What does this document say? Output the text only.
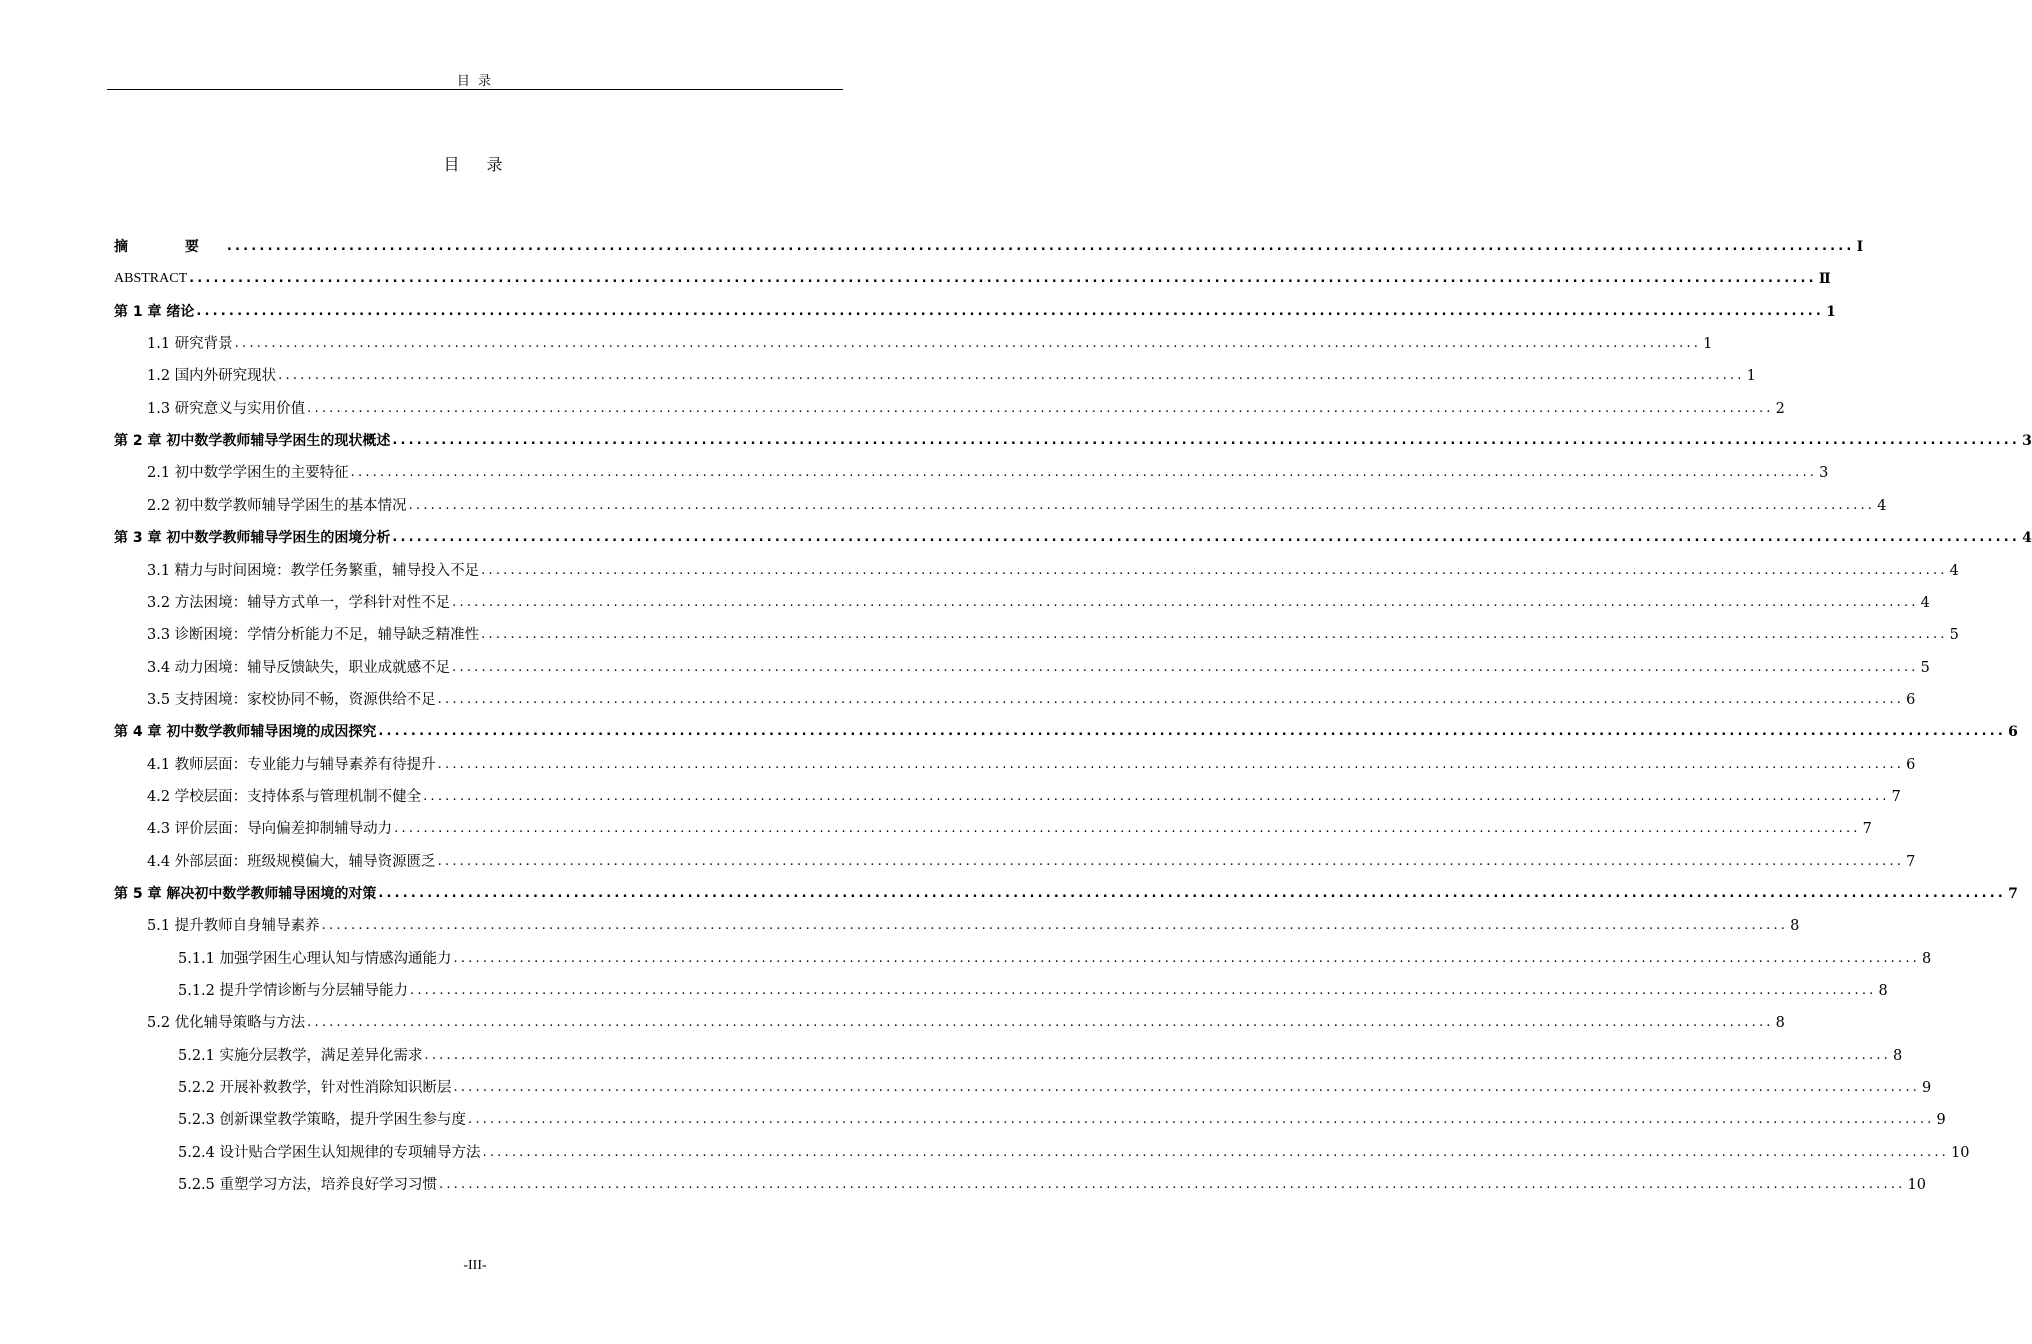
目 录
目 录
摘 要 ........................................................................................................................................................................................................ Ⅰ
ABSTRACT ........................................................................................................................................................................................................ Ⅱ
第 1 章 绪论 ........................................................................................................................................................................................................ 1
1.1 研究背景 ........................................................................................................................................................................................................ 1
1.2 国内外研究现状 ........................................................................................................................................................................................................ 1
1.3 研究意义与实用价值 ........................................................................................................................................................................................................ 2
第 2 章 初中数学教师辅导学困生的现状概述 ........................................................................................................................................................................................................ 3
2.1 初中数学学困生的主要特征 ........................................................................................................................................................................................................ 3
2.2 初中数学教师辅导学困生的基本情况 ........................................................................................................................................................................................................ 4
第 3 章 初中数学教师辅导学困生的困境分析 ........................................................................................................................................................................................................ 4
3.1 精力与时间困境：教学任务繁重，辅导投入不足 ........................................................................................................................................................................................................ 4
3.2 方法困境：辅导方式单一，学科针对性不足 ........................................................................................................................................................................................................ 4
3.3 诊断困境：学情分析能力不足，辅导缺乏精准性 ........................................................................................................................................................................................................ 5
3.4 动力困境：辅导反馈缺失，职业成就感不足 ........................................................................................................................................................................................................ 5
3.5 支持困境：家校协同不畅，资源供给不足 ........................................................................................................................................................................................................ 6
第 4 章 初中数学教师辅导困境的成因探究 ........................................................................................................................................................................................................ 6
4.1 教师层面：专业能力与辅导素养有待提升 ........................................................................................................................................................................................................ 6
4.2 学校层面：支持体系与管理机制不健全 ........................................................................................................................................................................................................ 7
4.3 评价层面：导向偏差抑制辅导动力 ........................................................................................................................................................................................................ 7
4.4 外部层面：班级规模偏大，辅导资源匮乏 ........................................................................................................................................................................................................ 7
第 5 章 解决初中数学教师辅导困境的对策 ........................................................................................................................................................................................................ 7
5.1 提升教师自身辅导素养 ........................................................................................................................................................................................................ 8
5.1.1 加强学困生心理认知与情感沟通能力 ........................................................................................................................................................................................................ 8
5.1.2 提升学情诊断与分层辅导能力 ........................................................................................................................................................................................................ 8
5.2 优化辅导策略与方法 ........................................................................................................................................................................................................ 8
5.2.1 实施分层教学，满足差异化需求 ........................................................................................................................................................................................................ 8
5.2.2 开展补救教学，针对性消除知识断层 ........................................................................................................................................................................................................ 9
5.2.3 创新课堂教学策略，提升学困生参与度 ........................................................................................................................................................................................................ 9
5.2.4 设计贴合学困生认知规律的专项辅导方法 ........................................................................................................................................................................................................ 10
5.2.5 重塑学习方法，培养良好学习习惯 ........................................................................................................................................................................................................ 10
-III-
